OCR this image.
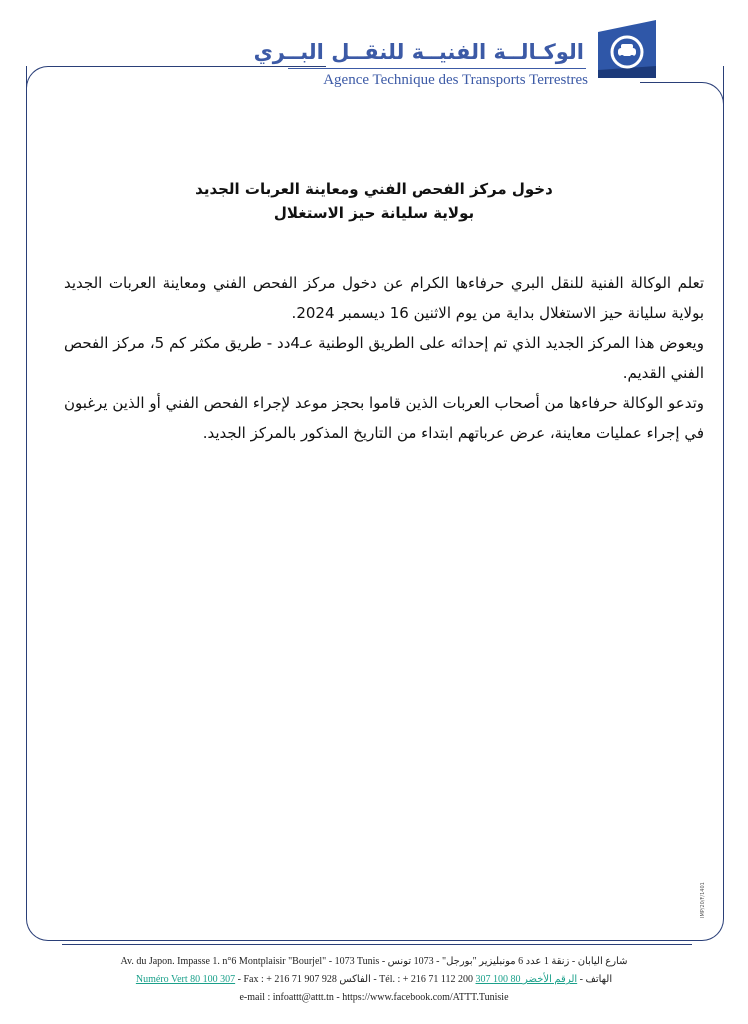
الوكـالــة الفنيــة للنقــل البــري
Agence Technique des Transports Terrestres
دخول مركز الفحص الفني ومعاينة العربات الجديد
بولاية سليانة حيز الاستغلال

تعلم الوكالة الفنية للنقل البري حرفاءها الكرام عن دخول مركز الفحص الفني ومعاينة العربات الجديد بولاية سليانة حيز الاستغلال بداية من يوم الاثنين 16 ديسمبر 2024.

ويعوض هذا المركز الجديد الذي تم إحداثه على الطريق الوطنية عـ4دد - طريق مكثر كم 5، مركز الفحص الفني القديم.

وتدعو الوكالة حرفاءها من أصحاب العربات الذين قاموا بحجز موعد لإجراء الفحص الفني أو الذين يرغبون في إجراء عمليات معاينة، عرض عرباتهم ابتداء من التاريخ المذكور بالمركز الجديد.

IMP/20/F/1401
Av. du Japon. Impasse 1. n°6 Montplaisir "Bourjel" - 1073 Tunis - شارع اليابان - زنقة 1 عدد 6 مونبليزير "بورجل" - 1073 تونس
Numéro Vert 80 100 307 - Fax : + 216 71 907 928 الفاكس - Tél. : + 216 71 112 200 الهاتف - الرقم الأخضر 80 100 307
e-mail : infoattt@attt.tn - https://www.facebook.com/ATTT.Tunisie
